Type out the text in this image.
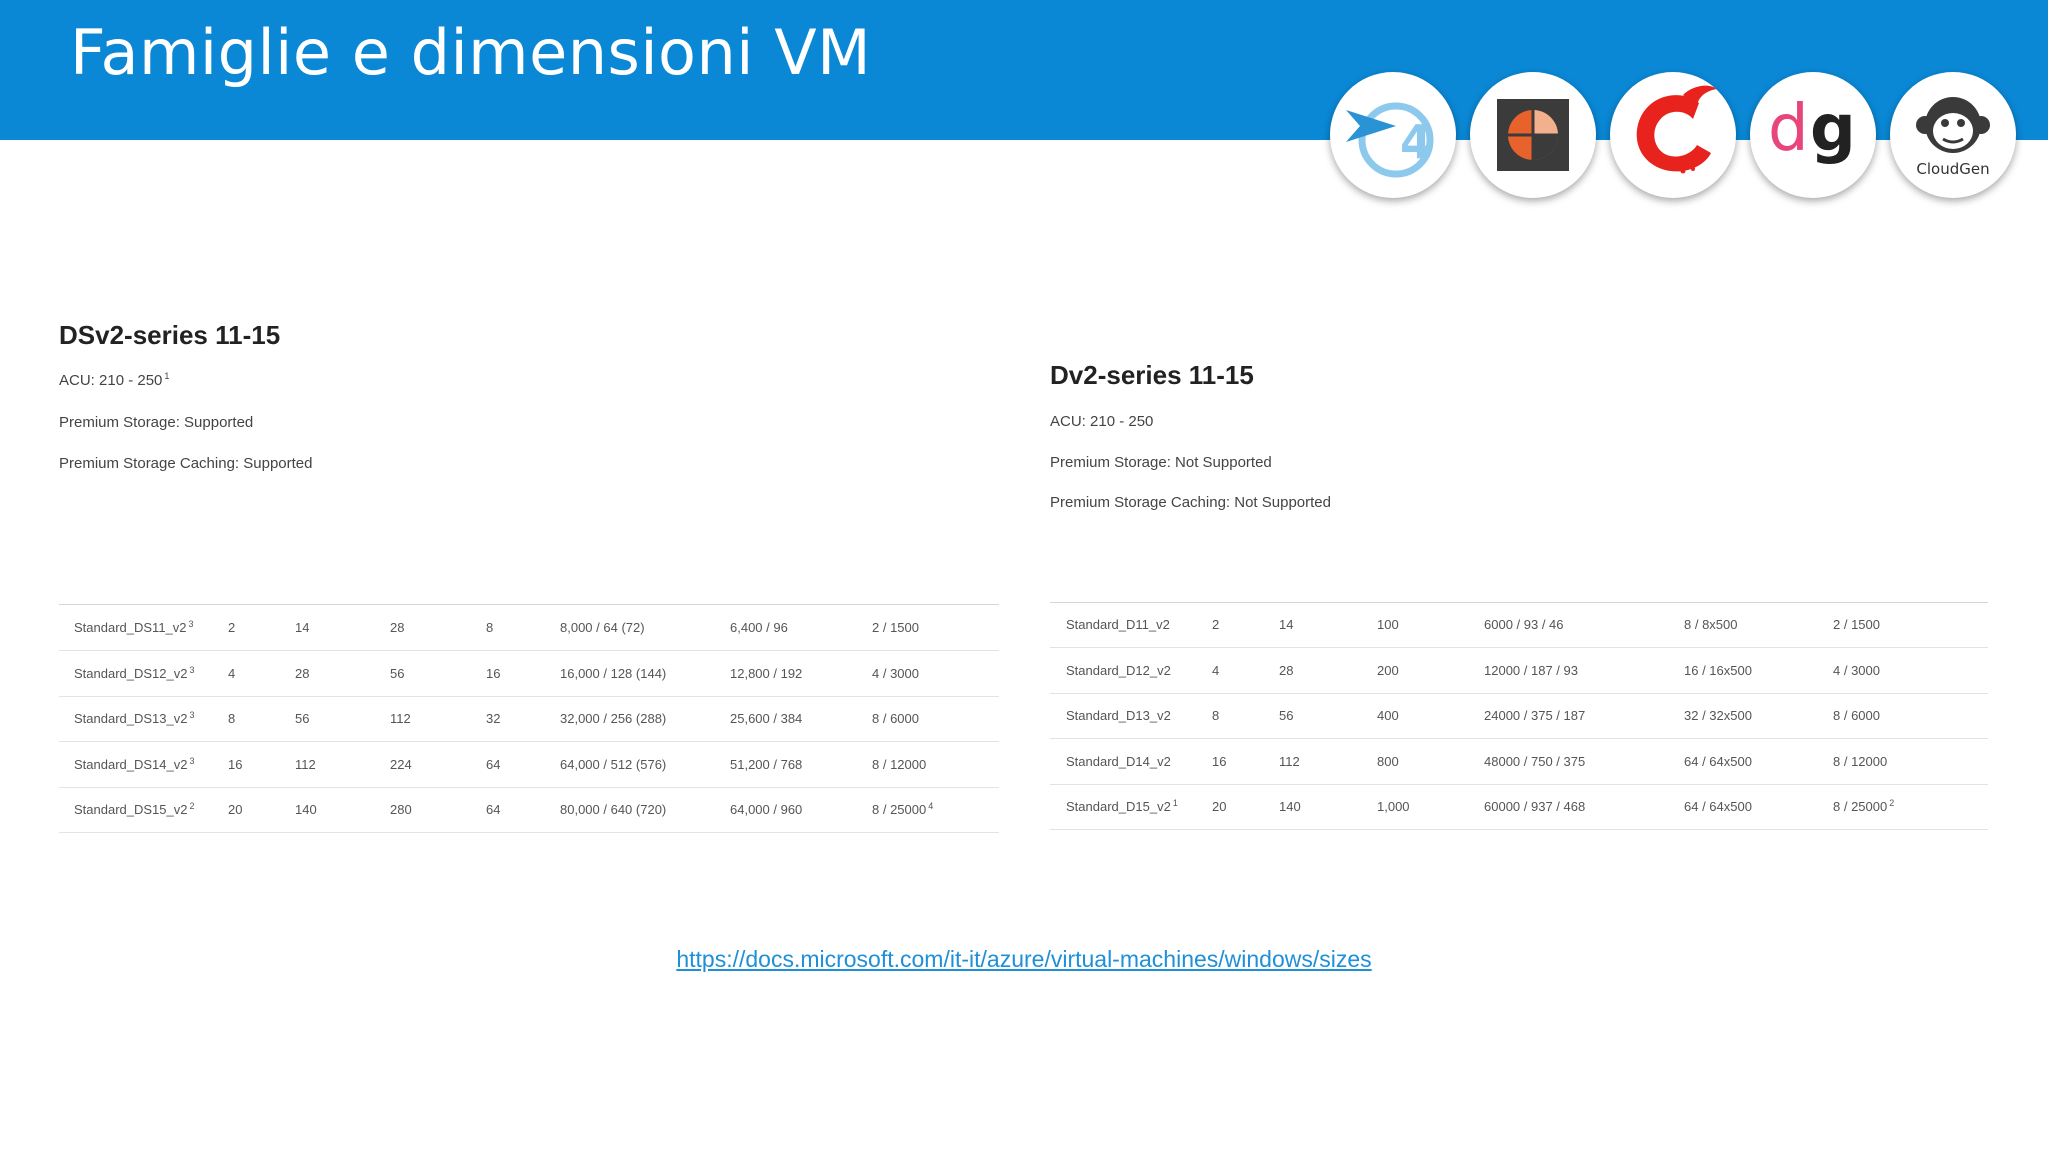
Famiglie e dimensioni VM
4	d g
CloudGen
DSv2-series 11-15
ACU: 210 - 250 $^1$
Premium Storage: Supported
Premium Storage Caching: Supported
Standard_DS11_v2 $^3$	2	14	28	8	8,000 / 64 (72)	6,400 / 96	2 / 1500
Standard_DS12_v2 $^3$	4	28	56	16	16,000 / 128 (144)	12,800 / 192	4 / 3000
Standard_DS13_v2 $^3$	8	56	112	32	32,000 / 256 (288)	25,600 / 384	8 / 6000
Standard_DS14_v2 $^3$	16	112	224	64	64,000 / 512 (576)	51,200 / 768	8 / 12000
Standard_DS15_v2 $^2$	20	140	280	64	80,000 / 640 (720)	64,000 / 960	8 / 25000 $^4$
Dv2-series 11-15
ACU: 210 - 250
Premium Storage: Not Supported
Premium Storage Caching: Not Supported
Standard_D11_v2	2	14	100	6000 / 93 / 46	8 / 8x500	2 / 1500
Standard_D12_v2	4	28	200	12000 / 187 / 93	16 / 16x500	4 / 3000
Standard_D13_v2	8	56	400	24000 / 375 / 187	32 / 32x500	8 / 6000
Standard_D14_v2	16	112	800	48000 / 750 / 375	64 / 64x500	8 / 12000
Standard_D15_v2 $^1$	20	140	1,000	60000 / 937 / 468	64 / 64x500	8 / 25000 $^2$
https://docs.microsoft.com/it-it/azure/virtual-machines/windows/sizes
